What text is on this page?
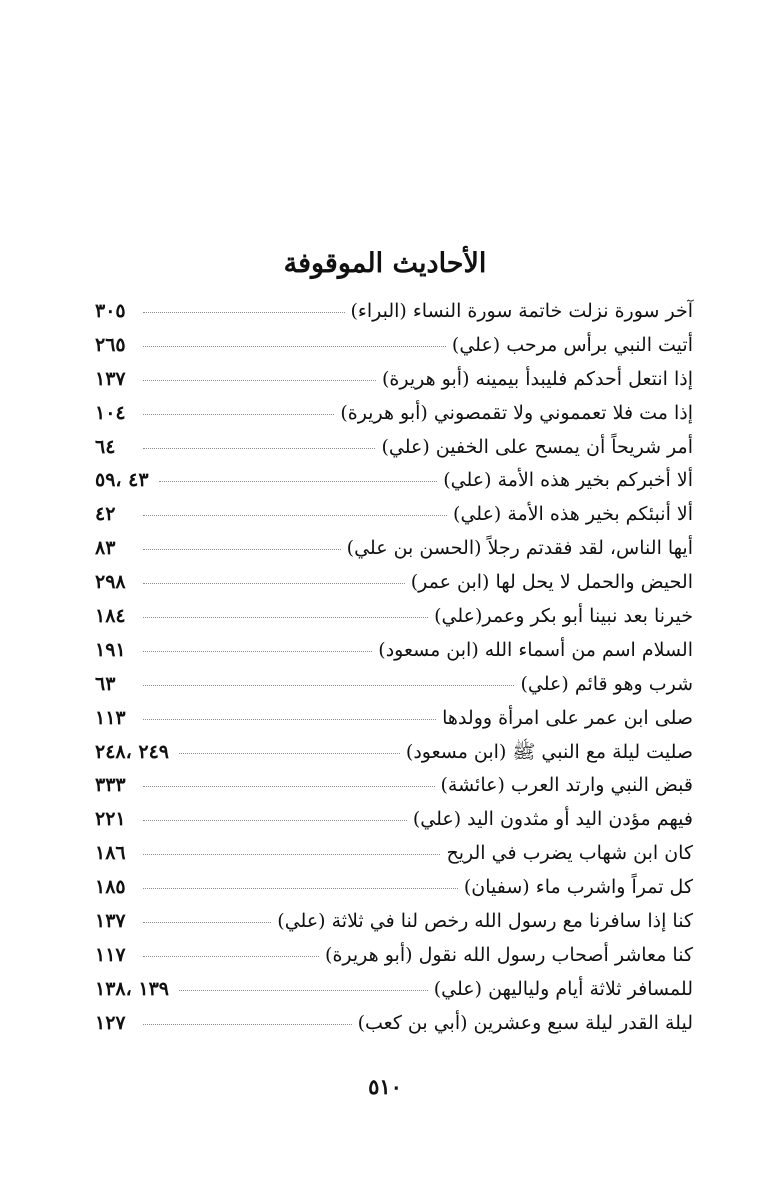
الأحاديث الموقوفة
آخر سورة نزلت خاتمة سورة النساء (البراء)
٣٠٥
أتيت النبي برأس مرحب (علي)
٢٦٥
إذا انتعل أحدكم فليبدأ بيمينه (أبو هريرة)
١٣٧
إذا مت فلا تعمموني ولا تقمصوني (أبو هريرة)
١٠٤
أمر شريحاً أن يمسح على الخفين (علي)
٦٤
ألا أخبركم بخير هذه الأمة (علي)
٤٣ ،٥٩
ألا أنبئكم بخير هذه الأمة (علي)
٤٢
أيها الناس، لقد فقدتم رجلاً (الحسن بن علي)
٨٣
الحيض والحمل لا يحل لها (ابن عمر)
٢٩٨
خيرنا بعد نبينا أبو بكر وعمر(علي)
١٨٤
السلام اسم من أسماء الله (ابن مسعود)
١٩١
شرب وهو قائم (علي)
٦٣
صلى ابن عمر على امرأة وولدها
١١٣
صليت ليلة مع النبي ﷺ (ابن مسعود)
٢٤٩ ،٢٤٨
قبض النبي وارتد العرب (عائشة)
٣٣٣
فيهم مؤدن اليد أو مثدون اليد (علي)
٢٢١
كان ابن شهاب يضرب في الريح
١٨٦
كل تمراً واشرب ماء (سفيان)
١٨٥
كنا إذا سافرنا مع رسول الله رخص لنا في ثلاثة (علي)
١٣٧
كنا معاشر أصحاب رسول الله نقول (أبو هريرة)
١١٧
للمسافر ثلاثة أيام ولياليهن (علي)
١٣٩ ،١٣٨
ليلة القدر ليلة سبع وعشرين (أبي بن كعب)
١٢٧
٥١٠
